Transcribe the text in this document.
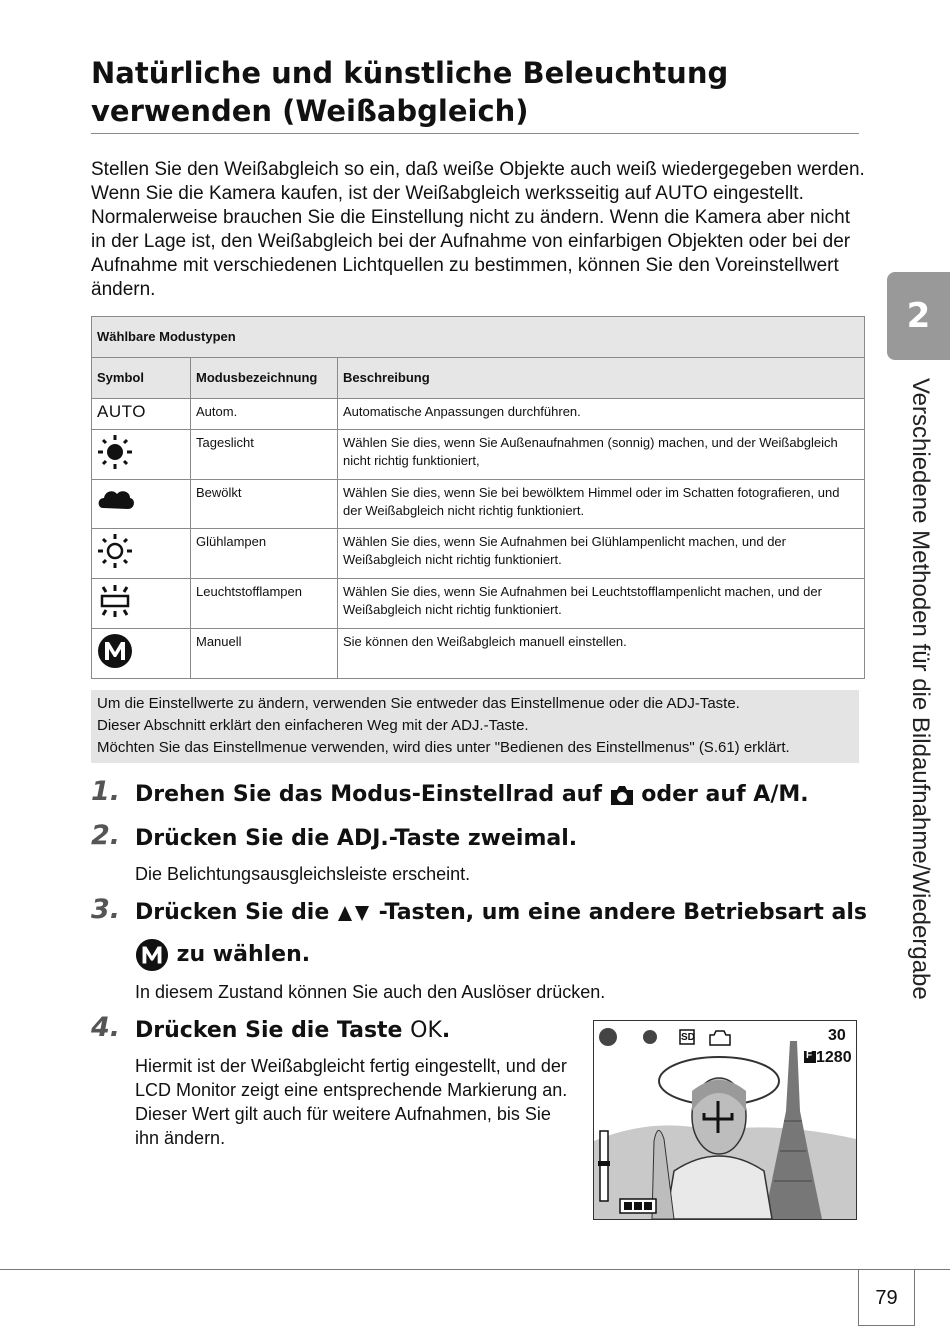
Natürliche und künstliche Beleuchtung
verwenden (Weißabgleich)

Stellen Sie den Weißabgleich so ein, daß weiße Objekte auch weiß wiedergegeben werden. Wenn Sie die Kamera kaufen, ist der Weißabgleich werksseitig auf AUTO eingestellt. Normalerweise brauchen Sie die Einstellung nicht zu ändern. Wenn die Kamera aber nicht in der Lage ist, den Weißabgleich bei der Aufnahme von einfarbigen Objekten oder bei der Aufnahme mit verschiedenen Lichtquellen zu bestimmen, können Sie den Voreinstellwert ändern.

Wählbare Modustypen		
Symbol	Modusbezeichnung	Beschreibung
AUTO	Autom.	Automatische Anpassungen durchführen.
	Tageslicht	Wählen Sie dies, wenn Sie Außenaufnahmen (sonnig) machen, und der Weißabgleich nicht richtig funktioniert,
	Bewölkt	Wählen Sie dies, wenn Sie bei bewölktem Himmel oder im Schatten fotografieren, und der Weißabgleich nicht richtig funktioniert.
	Glühlampen	Wählen Sie dies, wenn Sie Aufnahmen bei Glühlampenlicht machen, und der Weißabgleich nicht richtig funktioniert.
	Leuchtstofflampen	Wählen Sie dies, wenn Sie Aufnahmen bei Leuchtstofflampenlicht machen, und der Weißabgleich nicht richtig funktioniert.
	Manuell	Sie können den Weißabgleich manuell einstellen.
Um die Einstellwerte zu ändern, verwenden Sie entweder das Einstellmenue oder die ADJ-Taste.
Dieser Abschnitt erklärt den einfacheren Weg mit der ADJ.-Taste.
Möchten Sie das Einstellmenue verwenden, wird dies unter "Bedienen des Einstellmenus" (S.61) erklärt.
1. Drehen Sie das Modus-Einstellrad auf oder auf A/M.
2. Drücken Sie die ADJ.-Taste zweimal.
Die Belichtungsausgleichsleiste erscheint.
3. Drücken Sie die -Tasten, um eine andere Betriebsart als
zu wählen.
In diesem Zustand können Sie auch den Auslöser drücken.
4. Drücken Sie die Taste OK.
Hiermit ist der Weißabgleicht fertig eingestellt, und der LCD Monitor zeigt eine entsprechende Markierung an. Dieser Wert gilt auch für weitere Aufnahmen, bis Sie ihn ändern.
SD	30
F 1280
2
Verschiedene Methoden für die Bildaufnahme/Wiedergabe
79
